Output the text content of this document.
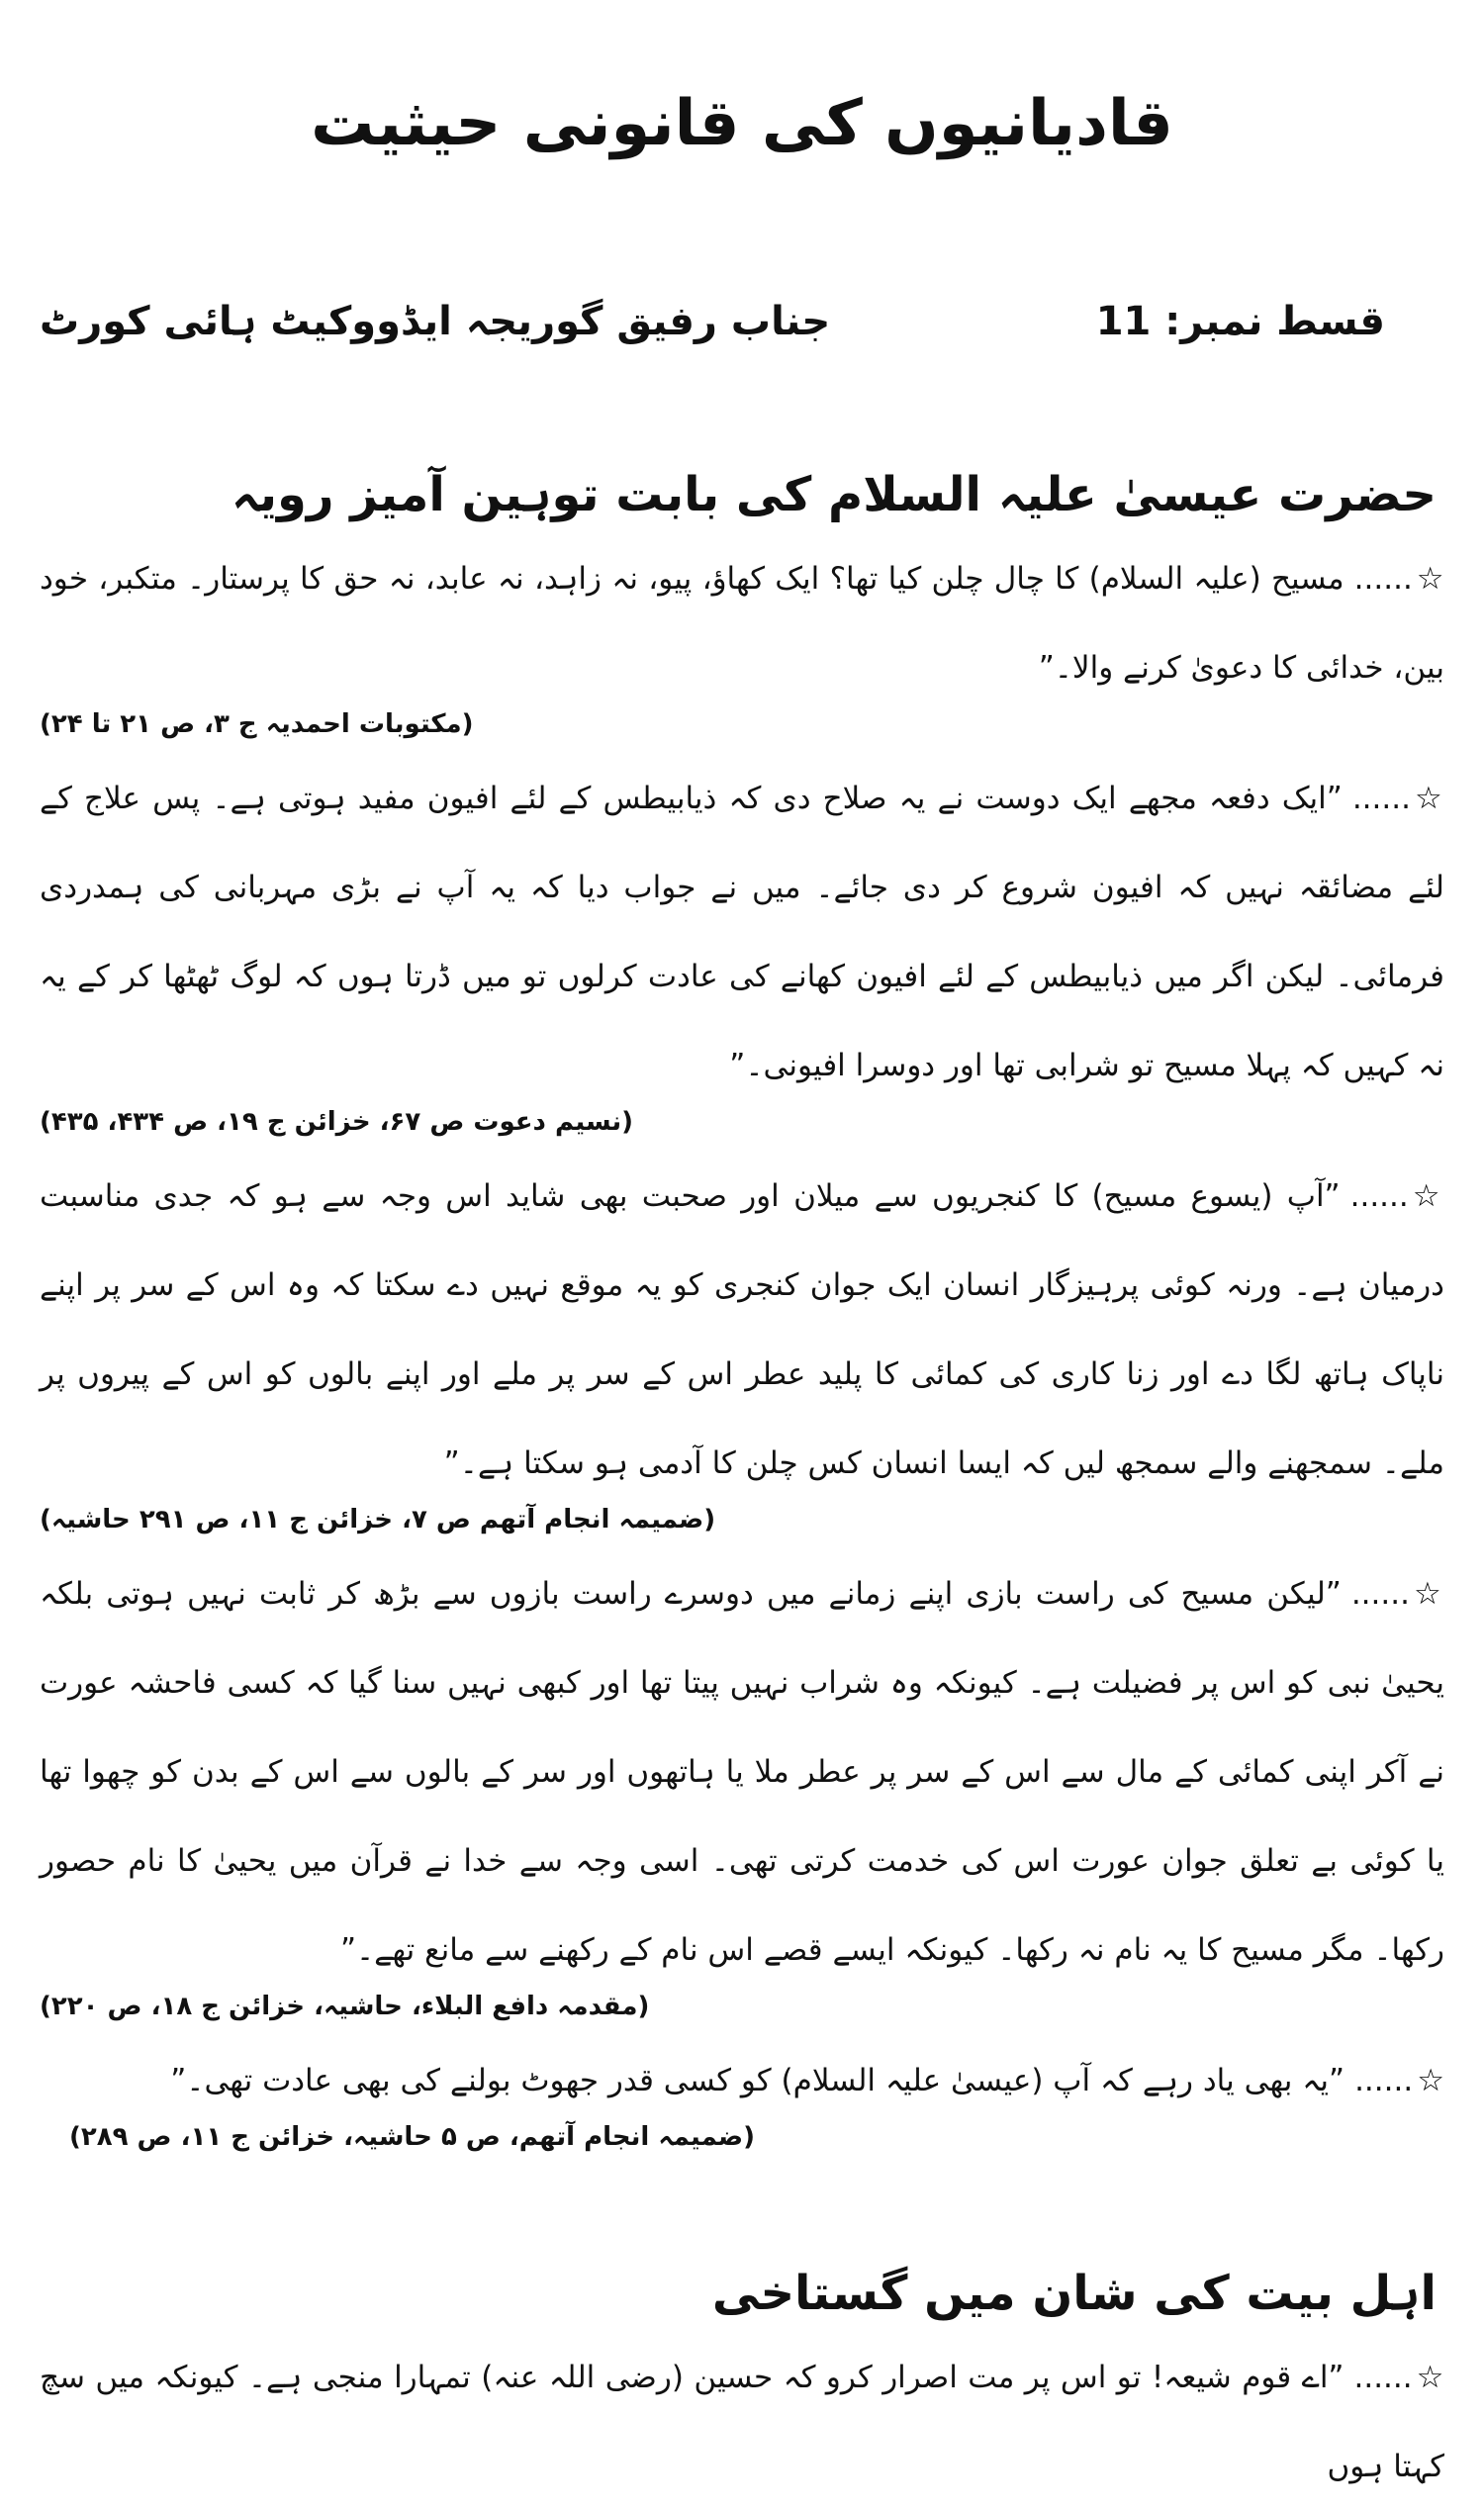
قادیانیوں کی قانونی حیثیت
قسط نمبر: 11
جناب رفیق گوریجہ ایڈووکیٹ ہائی کورٹ
حضرت عیسیٰ علیہ السلام کی بابت توہین آمیز رویہ
☆......مسیح (علیہ السلام) کا چال چلن کیا تھا؟ ایک کھاؤ، پیو، نہ زاہد، نہ عابد، نہ حق کا پرستار۔ متکبر، خود بین، خدائی کا دعویٰ کرنے والا۔”
(مکتوبات احمدیہ ج ۳، ص ۲۱ تا ۲۴)
☆......”ایک دفعہ مجھے ایک دوست نے یہ صلاح دی کہ ذیابیطس کے لئے افیون مفید ہوتی ہے۔ پس علاج کے لئے مضائقہ نہیں کہ افیون شروع کر دی جائے۔ میں نے جواب دیا کہ یہ آپ نے بڑی مہربانی کی ہمدردی فرمائی۔ لیکن اگر میں ذیابیطس کے لئے افیون کھانے کی عادت کرلوں تو میں ڈرتا ہوں کہ لوگ ٹھٹھا کر کے یہ نہ کہیں کہ پہلا مسیح تو شرابی تھا اور دوسرا افیونی۔”
(نسیم دعوت ص ۶۷، خزائن ج ۱۹، ص ۴۳۴، ۴۳۵)
☆......”آپ (یسوع مسیح) کا کنجریوں سے میلان اور صحبت بھی شاید اس وجہ سے ہو کہ جدی مناسبت درمیان ہے۔ ورنہ کوئی پرہیزگار انسان ایک جوان کنجری کو یہ موقع نہیں دے سکتا کہ وہ اس کے سر پر اپنے ناپاک ہاتھ لگا دے اور زنا کاری کی کمائی کا پلید عطر اس کے سر پر ملے اور اپنے بالوں کو اس کے پیروں پر ملے۔ سمجھنے والے سمجھ لیں کہ ایسا انسان کس چلن کا آدمی ہو سکتا ہے۔”
(ضمیمہ انجام آتھم ص ۷، خزائن ج ۱۱، ص ۲۹۱ حاشیہ)
☆......”لیکن مسیح کی راست بازی اپنے زمانے میں دوسرے راست بازوں سے بڑھ کر ثابت نہیں ہوتی بلکہ یحییٰ نبی کو اس پر فضیلت ہے۔ کیونکہ وہ شراب نہیں پیتا تھا اور کبھی نہیں سنا گیا کہ کسی فاحشہ عورت نے آکر اپنی کمائی کے مال سے اس کے سر پر عطر ملا یا ہاتھوں اور سر کے بالوں سے اس کے بدن کو چھوا تھا یا کوئی بے تعلق جوان عورت اس کی خدمت کرتی تھی۔ اسی وجہ سے خدا نے قرآن میں یحییٰ کا نام حصور رکھا۔ مگر مسیح کا یہ نام نہ رکھا۔ کیونکہ ایسے قصے اس نام کے رکھنے سے مانع تھے۔”
(مقدمہ دافع البلاء، حاشیہ، خزائن ج ۱۸، ص ۲۲۰)
☆......”یہ بھی یاد رہے کہ آپ (عیسیٰ علیہ السلام) کو کسی قدر جھوٹ بولنے کی بھی عادت تھی۔”
(ضمیمہ انجام آتھم، ص ۵ حاشیہ، خزائن ج ۱۱، ص ۲۸۹)
اہل بیت کی شان میں گستاخی
☆......”اے قوم شیعہ! تو اس پر مت اصرار کرو کہ حسین (رضی اللہ عنہ) تمہارا منجی ہے۔ کیونکہ میں سچ کہتا ہوں
